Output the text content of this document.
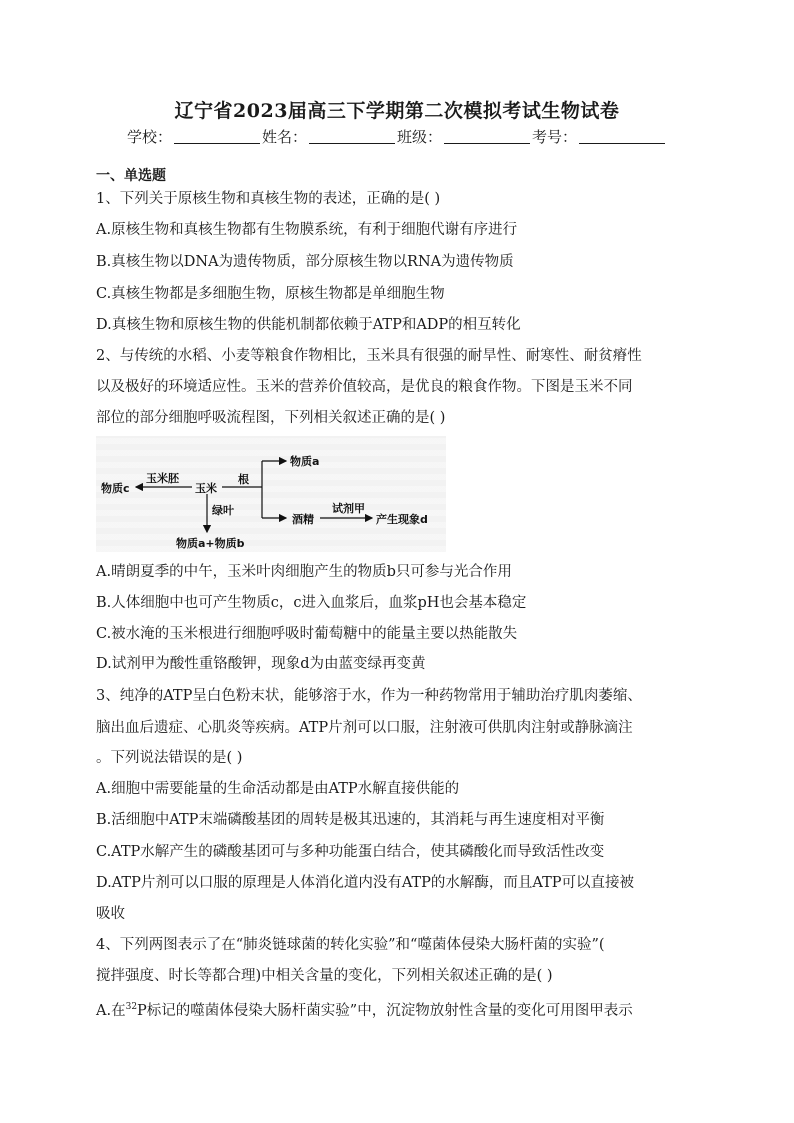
辽宁省2023届高三下学期第二次模拟考试生物试卷
学校：	姓名：	班级：	考号：
一、单选题
1、下列关于原核生物和真核生物的表述，正确的是( )
A.原核生物和真核生物都有生物膜系统，有利于细胞代谢有序进行
B.真核生物以DNA为遗传物质，部分原核生物以RNA为遗传物质
C.真核生物都是多细胞生物，原核生物都是单细胞生物
D.真核生物和原核生物的供能机制都依赖于ATP和ADP的相互转化
2、与传统的水稻、小麦等粮食作物相比，玉米具有很强的耐旱性、耐寒性、耐贫瘠性
以及极好的环境适应性。玉米的营养价值较高，是优良的粮食作物。下图是玉米不同
部位的部分细胞呼吸流程图，下列相关叙述正确的是( )
物质c
玉米胚
玉米
根
物质a
酒精
试剂甲
产生现象d
绿叶
物质a+物质b
A.晴朗夏季的中午，玉米叶肉细胞产生的物质b只可参与光合作用
B.人体细胞中也可产生物质c，c进入血浆后，血浆pH也会基本稳定
C.被水淹的玉米根进行细胞呼吸时葡萄糖中的能量主要以热能散失
D.试剂甲为酸性重铬酸钾，现象d为由蓝变绿再变黄
3、纯净的ATP呈白色粉末状，能够溶于水，作为一种药物常用于辅助治疗肌肉萎缩、
脑出血后遗症、心肌炎等疾病。ATP片剂可以口服，注射液可供肌肉注射或静脉滴注
。下列说法错误的是( )
A.细胞中需要能量的生命活动都是由ATP水解直接供能的
B.活细胞中ATP末端磷酸基团的周转是极其迅速的，其消耗与再生速度相对平衡
C.ATP水解产生的磷酸基团可与多种功能蛋白结合，使其磷酸化而导致活性改变
D.ATP片剂可以口服的原理是人体消化道内没有ATP的水解酶，而且ATP可以直接被
吸收
4、下列两图表示了在“肺炎链球菌的转化实验”和“噬菌体侵染大肠杆菌的实验”(
搅拌强度、时长等都合理)中相关含量的变化，下列相关叙述正确的是( )
A.在$^{32}$P标记的噬菌体侵染大肠杆菌实验”中，沉淀物放射性含量的变化可用图甲表示
